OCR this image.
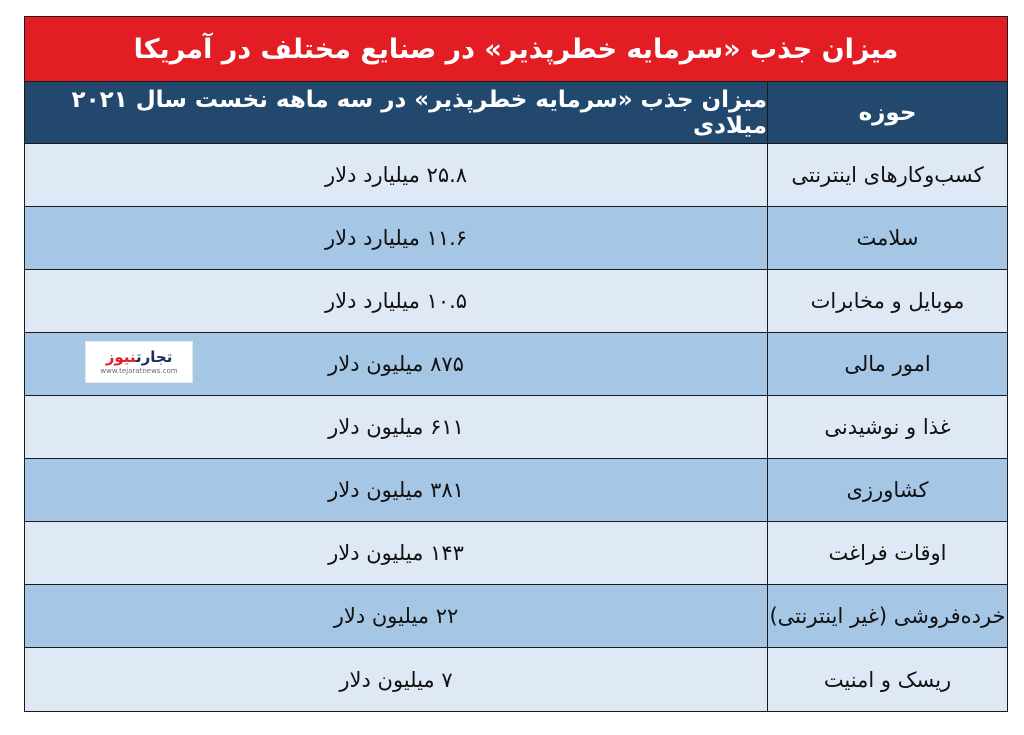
میزان جذب «سرمایه خطرپذیر» در صنایع مختلف در آمریکا
حوزه
میزان جذب «سرمایه خطرپذیر» در سه ماهه نخست سال ۲۰۲۱ میلادی
کسب‌وکارهای اینترنتی
۲۵.۸ میلیارد دلار
سلامت
۱۱.۶ میلیارد دلار
موبایل و مخابرات
۱۰.۵ میلیارد دلار
امور مالی
۸۷۵ میلیون دلار
تجارتنیوز
www.tejaratnews.com
غذا و نوشیدنی
۶۱۱ میلیون دلار
کشاورزی
۳۸۱ میلیون دلار
اوقات فراغت
۱۴۳ میلیون دلار
خرده‌فروشی (غیر اینترنتی)
۲۲ میلیون دلار
ریسک و امنیت
۷ میلیون دلار
